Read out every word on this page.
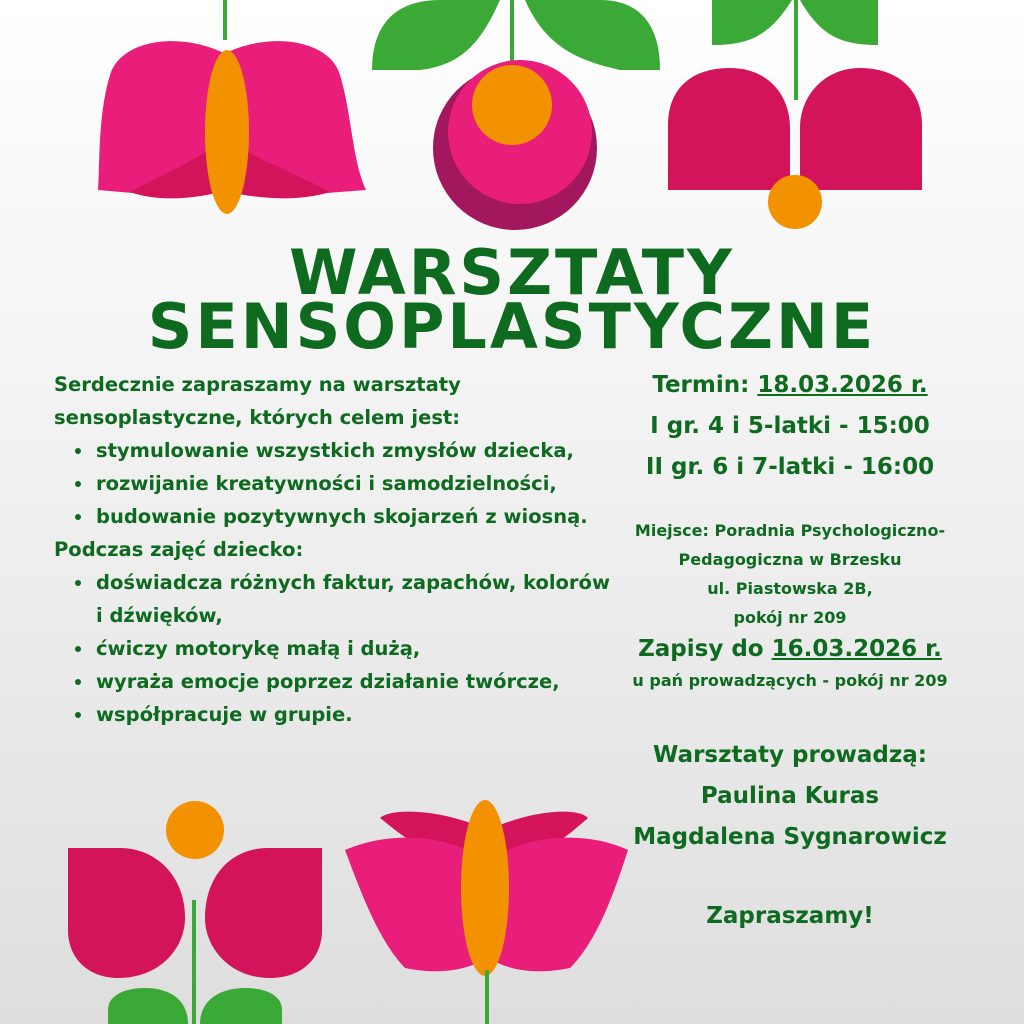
WARSZTATY
SENSOPLASTYCZNE

Serdecznie zapraszamy na warsztaty

sensoplastyczne, których celem jest:

• stymulowanie wszystkich zmysłów dziecka,
• rozwijanie kreatywności i samodzielności,
• budowanie pozytywnych skojarzeń z wiosną.

Podczas zajęć dziecko:

• doświadcza różnych faktur, zapachów, kolorów i dźwięków,
• ćwiczy motorykę małą i dużą,
• wyraża emocje poprzez działanie twórcze,
• współpracuje w grupie.
Termin: 18.03.2026 r.
I gr. 4 i 5-latki - 15:00
II gr. 6 i 7-latki - 16:00
Miejsce: Poradnia Psychologiczno-
Pedagogiczna w Brzesku
ul. Piastowska 2B,
pokój nr 209
Zapisy do 16.03.2026 r.
u pań prowadzących - pokój nr 209
Warsztaty prowadzą:
Paulina Kuras
Magdalena Sygnarowicz
Zapraszamy!
